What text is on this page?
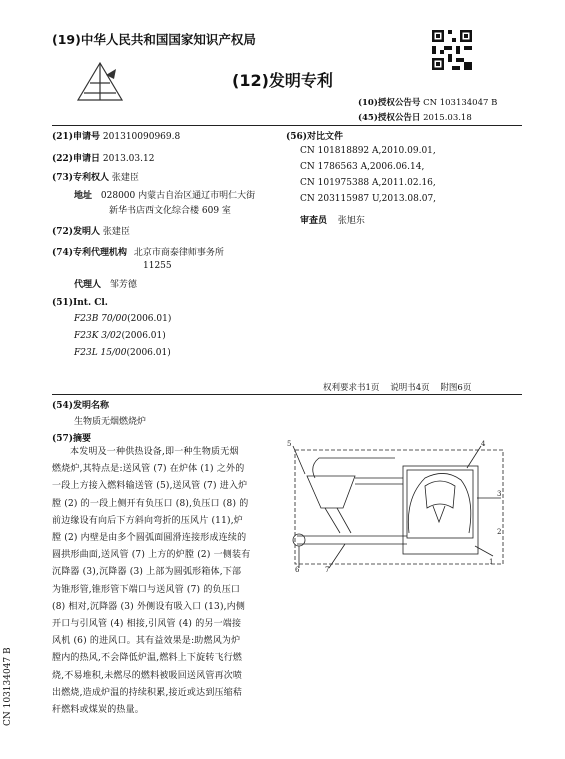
(19)中华人民共和国国家知识产权局
(12)发明专利
(10)授权公告号 CN 103134047 B
(45)授权公告日 2015.03.18
(21)申请号 201310090969.8
(22)申请日 2013.03.12
(73)专利权人 张建臣
地址 028000 内蒙古自治区通辽市明仁大街
新华书店西文化综合楼 609 室
(72)发明人 张建臣
(74)专利代理机构 北京市商泰律师事务所
11255
代理人 邹芳德
(51)Int. Cl.
F23B 70/00(2006.01)
F23K 3/02(2006.01)
F23L 15/00(2006.01)
(56)对比文件
CN 101818892 A,2010.09.01,
CN 1786563 A,2006.06.14,
CN 101975388 A,2011.02.16,
CN 203115987 U,2013.08.07,
审查员 张旭东
权利要求书1页    说明书4页    附图6页
(54)发明名称
生物质无烟燃烧炉
(57)摘要
本发明及一种供热设备,即一种生物质无烟
燃烧炉,其特点是:送风管 (7) 在炉体 (1) 之外的
一段上方接入燃料输送管 (5),送风管 (7) 进入炉
膛 (2) 的一段上侧开有负压口 (8),负压口 (8) 的
前边缘设有向后下方斜向弯折的压风片 (11),炉
膛 (2) 内壁是由多个圆弧面圆滑连接形成连续的
圆拱形曲面,送风管 (7) 上方的炉膛 (2) 一侧装有
沉降器 (3),沉降器 (3) 上部为圆弧形箱体,下部
为锥形管,锥形管下端口与送风管 (7) 的负压口
(8) 相对,沉降器 (3) 外侧设有吸入口 (13),内侧
开口与引风管 (4) 相接,引风管 (4) 的另一端接
风机 (6) 的进风口。其有益效果是:助燃风为炉
膛内的热风,不会降低炉温,燃料上下旋转飞行燃
烧,不易堆积,未燃尽的燃料被吸回送风管再次喷
出燃烧,造成炉温的持续积累,接近或达到压缩秸
秆燃料或煤炭的热量。
CN 103134047 B
5	4
3
2
7
6
1
